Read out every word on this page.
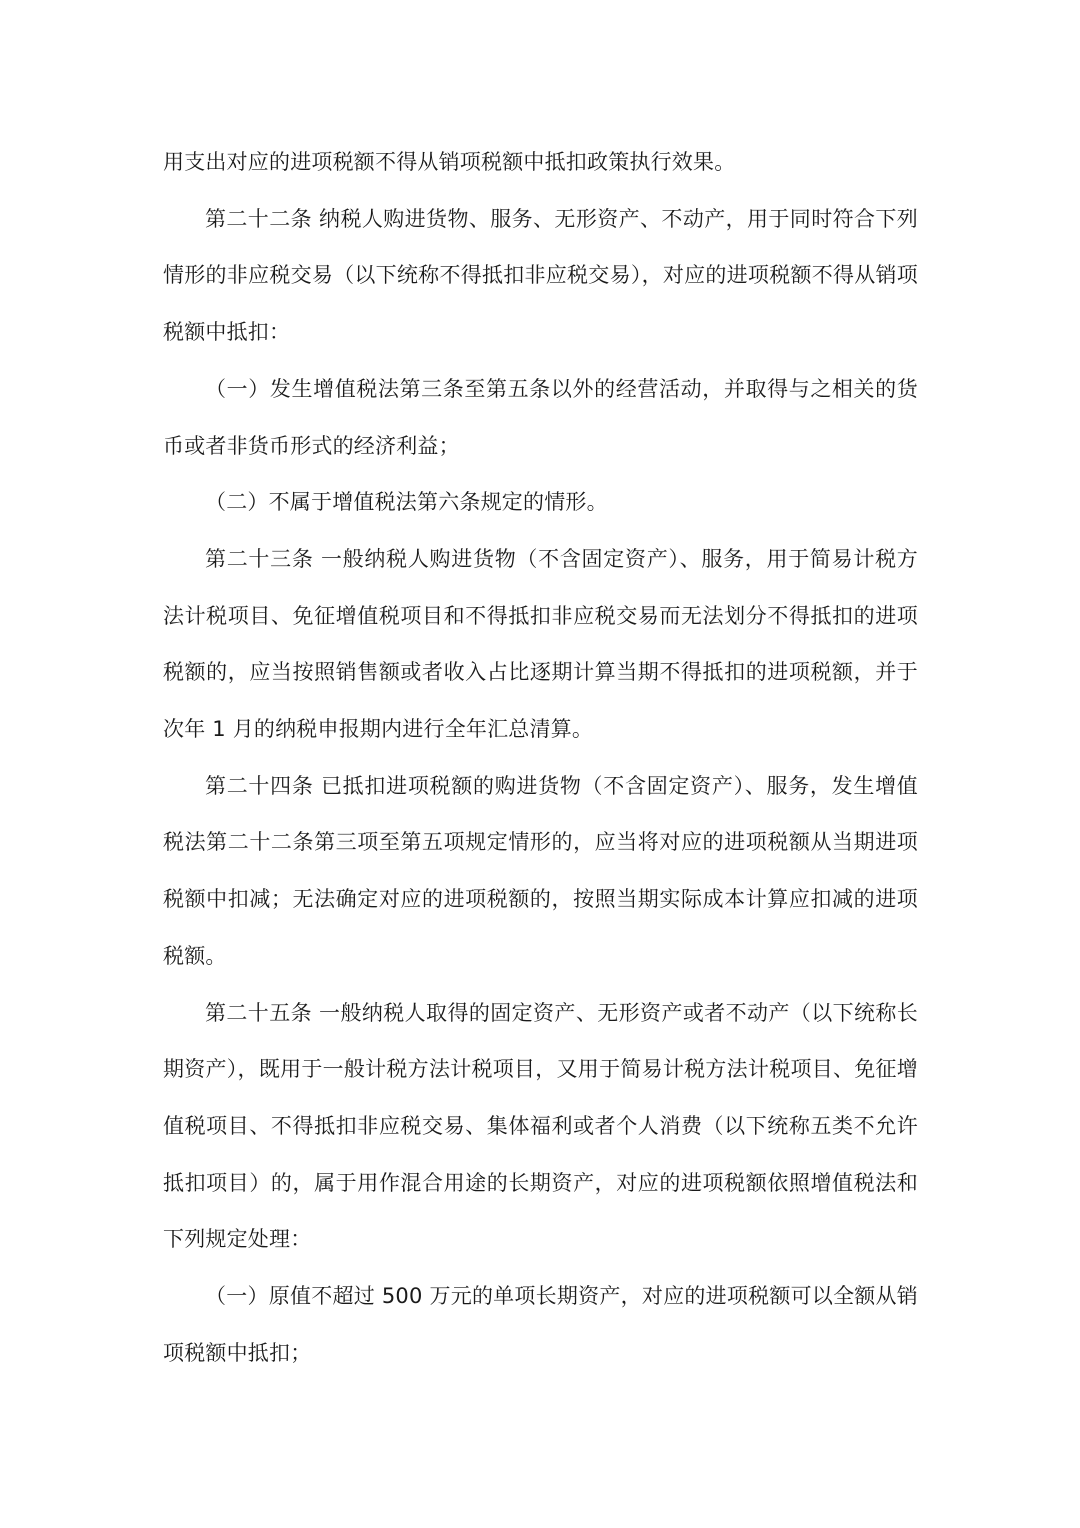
用支出对应的进项税额不得从销项税额中抵扣政策执行效果。

第二十二条 纳税人购进货物、服务、无形资产、不动产，用于同时符合下列情形的非应税交易（以下统称不得抵扣非应税交易），对应的进项税额不得从销项税额中抵扣：

（一）发生增值税法第三条至第五条以外的经营活动，并取得与之相关的货币或者非货币形式的经济利益；

（二）不属于增值税法第六条规定的情形。

第二十三条 一般纳税人购进货物（不含固定资产）、服务，用于简易计税方法计税项目、免征增值税项目和不得抵扣非应税交易而无法划分不得抵扣的进项税额的，应当按照销售额或者收入占比逐期计算当期不得抵扣的进项税额，并于次年 1 月的纳税申报期内进行全年汇总清算。

第二十四条 已抵扣进项税额的购进货物（不含固定资产）、服务，发生增值税法第二十二条第三项至第五项规定情形的，应当将对应的进项税额从当期进项税额中扣减；无法确定对应的进项税额的，按照当期实际成本计算应扣减的进项税额。

第二十五条 一般纳税人取得的固定资产、无形资产或者不动产（以下统称长期资产），既用于一般计税方法计税项目，又用于简易计税方法计税项目、免征增值税项目、不得抵扣非应税交易、集体福利或者个人消费（以下统称五类不允许抵扣项目）的，属于用作混合用途的长期资产，对应的进项税额依照增值税法和下列规定处理：

（一）原值不超过 500 万元的单项长期资产，对应的进项税额可以全额从销项税额中抵扣；
